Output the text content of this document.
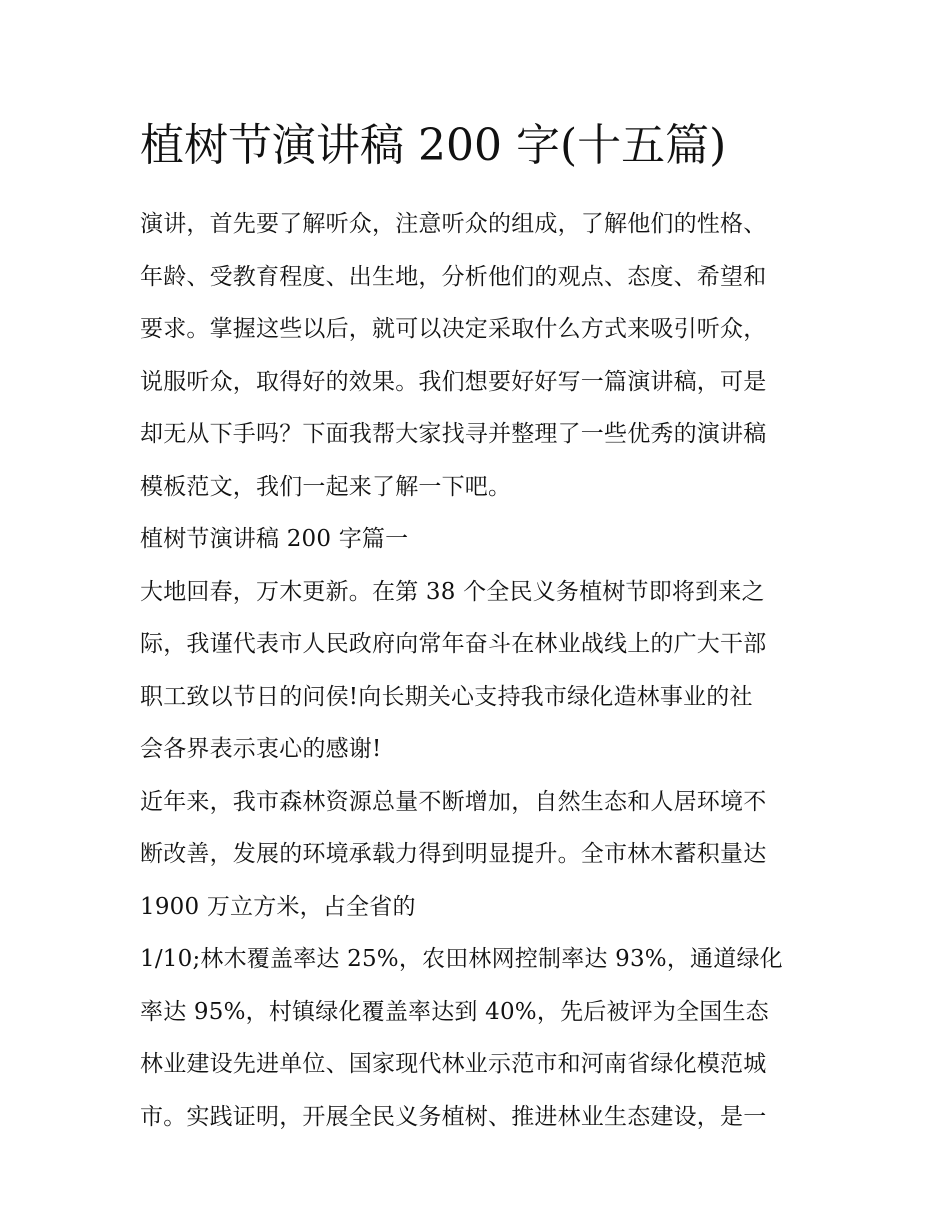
植树节演讲稿 200 字(十五篇)
演讲，首先要了解听众，注意听众的组成，了解他们的性格、
年龄、受教育程度、出生地，分析他们的观点、态度、希望和
要求。掌握这些以后，就可以决定采取什么方式来吸引听众，
说服听众，取得好的效果。我们想要好好写一篇演讲稿，可是
却无从下手吗？下面我帮大家找寻并整理了一些优秀的演讲稿
模板范文，我们一起来了解一下吧。
植树节演讲稿 200 字篇一
大地回春，万木更新。在第 38 个全民义务植树节即将到来之
际，我谨代表市人民政府向常年奋斗在林业战线上的广大干部
职工致以节日的问侯!向长期关心支持我市绿化造林事业的社
会各界表示衷心的感谢!
近年来，我市森林资源总量不断增加，自然生态和人居环境不
断改善，发展的环境承载力得到明显提升。全市林木蓄积量达
1900 万立方米，占全省的
1/10;林木覆盖率达 25%，农田林网控制率达 93%，通道绿化
率达 95%，村镇绿化覆盖率达到 40%，先后被评为全国生态
林业建设先进单位、国家现代林业示范市和河南省绿化模范城
市。实践证明，开展全民义务植树、推进林业生态建设，是一
